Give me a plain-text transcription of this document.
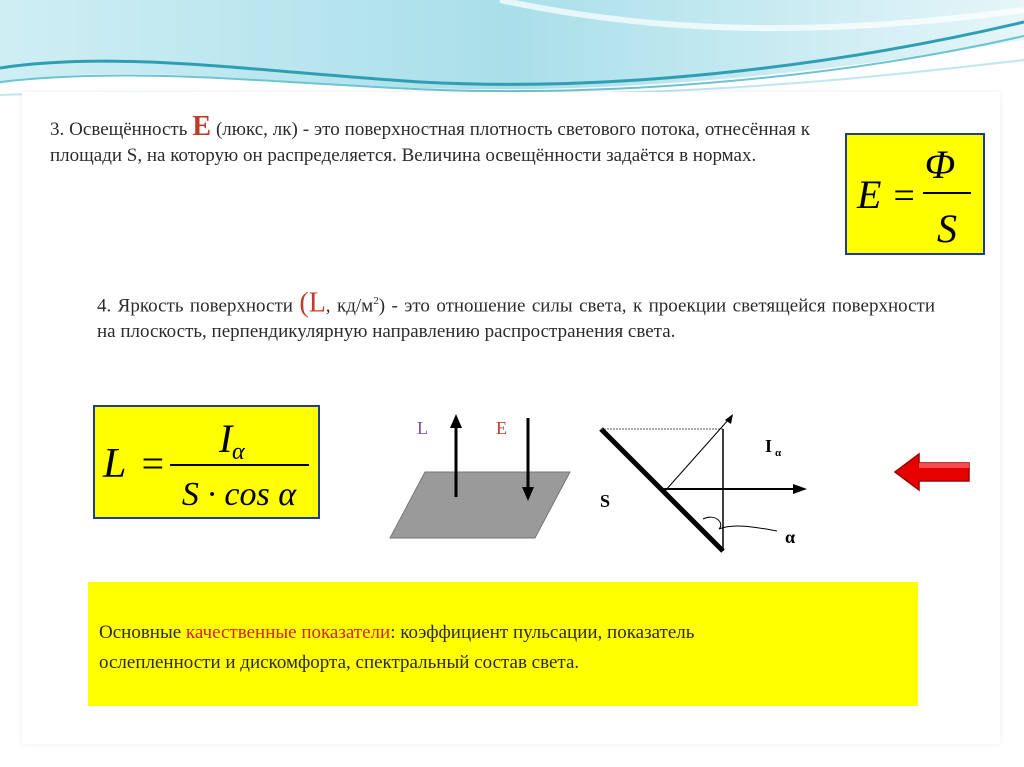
3. Освещённость E (люкс, лк) - это поверхностная плотность светового потока, отнесённая к площади S, на которую он распределяется. Величина освещённости задаётся в нормах.

E =
Φ
S

4. Яркость поверхности (L, $кд/м^2$) - это отношение силы света, к проекции светящейся поверхности на плоскость, перпендикулярную направлению распространения света.

L =
I α
S · cos α
L	E
S
I α
α

Основные качественные показатели: коэффициент пульсации, показатель
ослепленности и дискомфорта, спектральный состав света.
